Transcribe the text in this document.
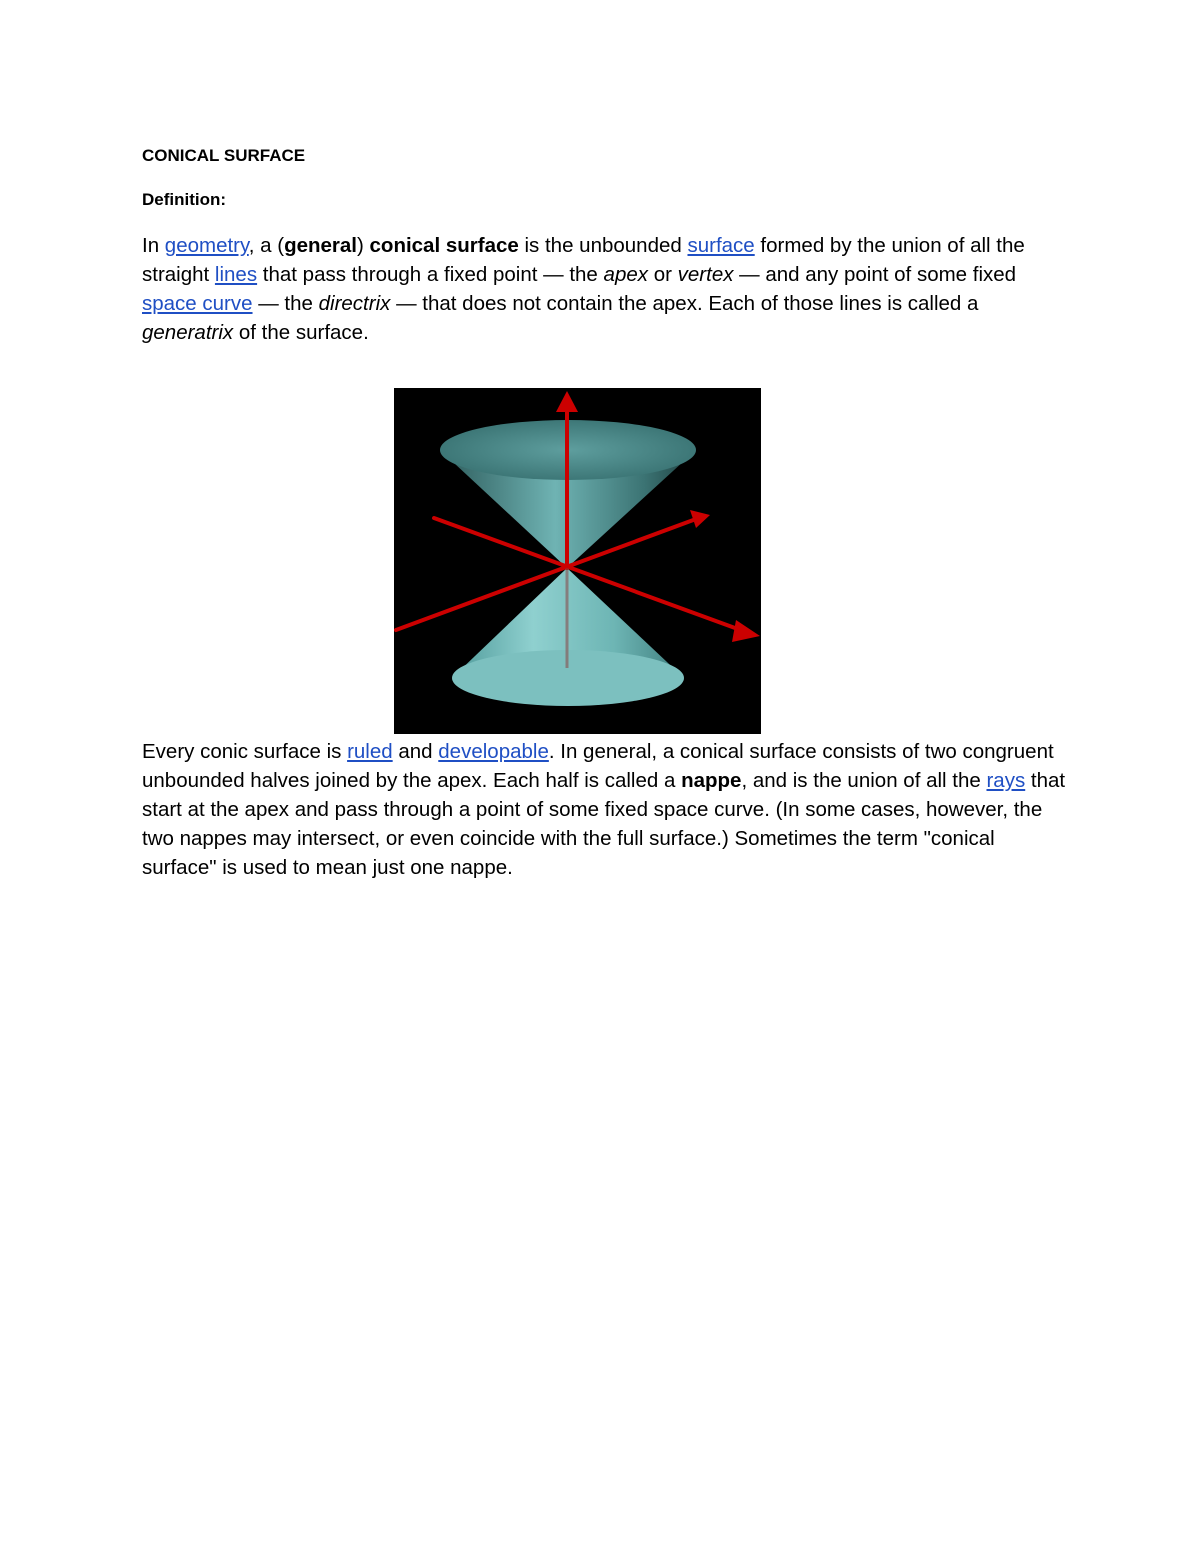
CONICAL SURFACE
Definition:
In geometry, a (general) conical surface is the unbounded surface formed by the union of all the straight lines that pass through a fixed point — the apex or vertex — and any point of some fixed space curve — the directrix — that does not contain the apex. Each of those lines is called a generatrix of the surface.
Every conic surface is ruled and developable. In general, a conical surface consists of two congruent unbounded halves joined by the apex. Each half is called a nappe, and is the union of all the rays that start at the apex and pass through a point of some fixed space curve. (In some cases, however, the two nappes may intersect, or even coincide with the full surface.) Sometimes the term "conical surface" is used to mean just one nappe.
